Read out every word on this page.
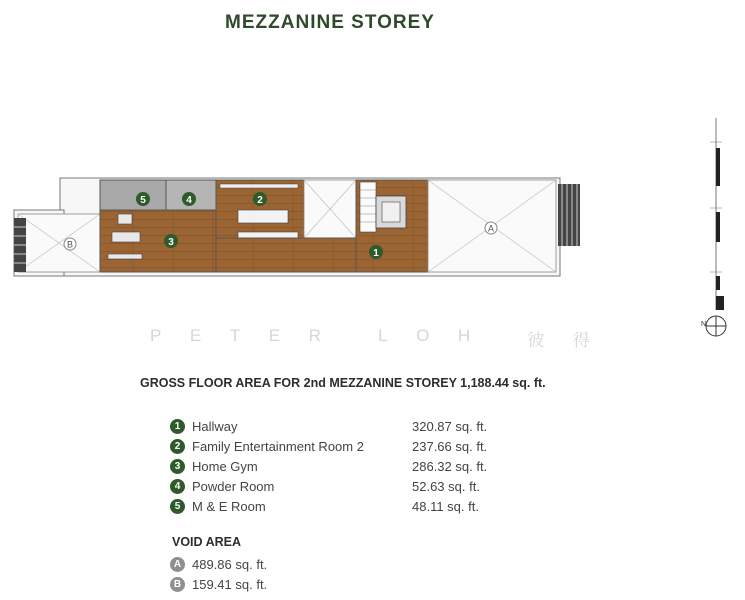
MEZZANINE STOREY
5	4	2
3
1
A
B
N
P E T E R	L O H	彼 得
GROSS FLOOR AREA FOR 2nd MEZZANINE STOREY 1,188.44 sq. ft.
1 Hallway	320.87 sq. ft.
2 Family Entertainment Room 2	237.66 sq. ft.
3 Home Gym	286.32 sq. ft.
4 Powder Room	52.63 sq. ft.
5 M & E Room	48.11 sq. ft.
VOID AREA
A 489.86 sq. ft.
B 159.41 sq. ft.
